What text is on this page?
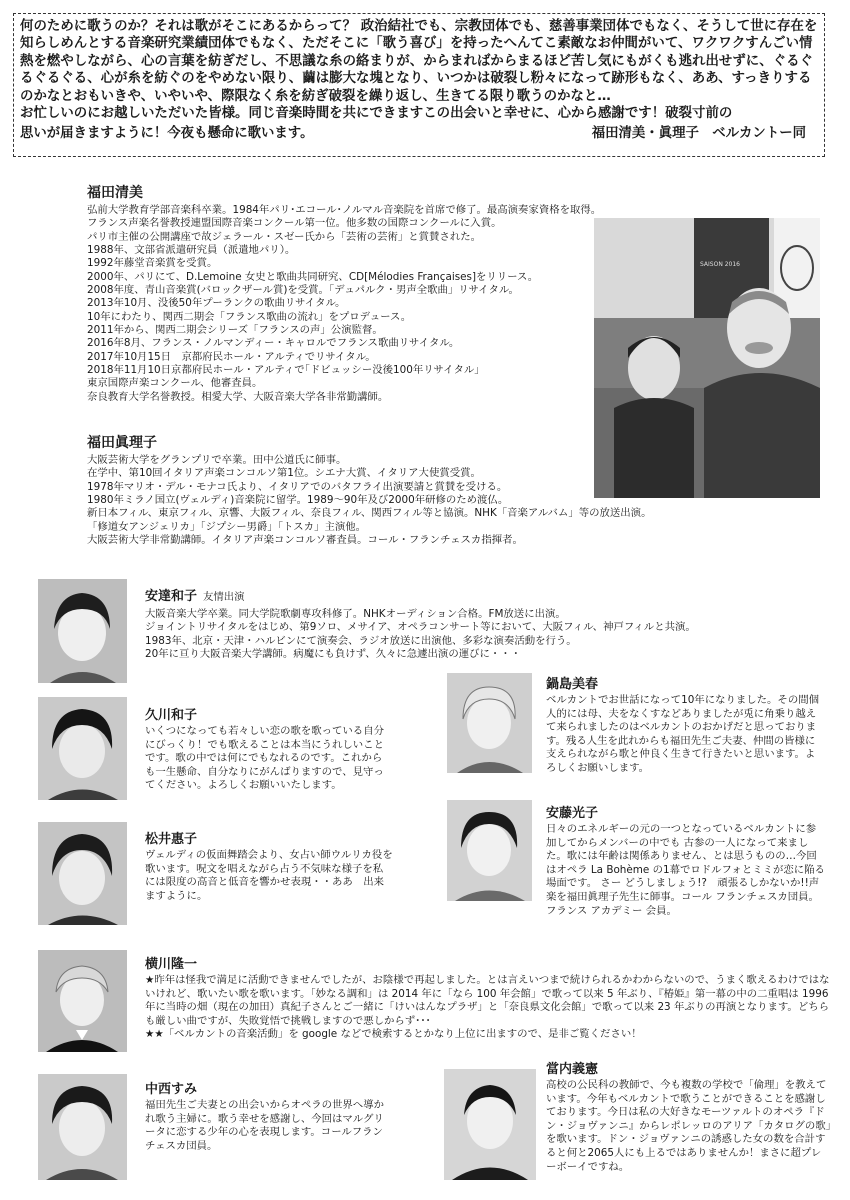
何のために歌うのか？それは歌がそこにあるからって？ 政治結社でも、宗教団体でも、慈善事業団体でもなく、そうして世に存在を知らしめんとする音楽研究業績団体でもなく、ただそこに「歌う喜び」を持ったへんてこ素敵なお仲間がいて、ワクワクすんごい情熱を燃やしながら、心の言葉を紡ぎだし、不思議な糸の絡まりが、からまればからまるほど苦し気にもがくも逃れ出せずに、ぐるぐるぐるぐる、心が糸を紡ぐのをやめない限り、繭は膨大な塊となり、いつかは破裂し粉々になって跡形もなく、ああ、すっきりするのかなとおもいきや、いやいや、際限なく糸を紡ぎ破裂を繰り返し、生きてる限り歌うのかなと…

お忙しいのにお越しいただいた皆様。同じ音楽時間を共にできますこの出会いと幸せに、心から感謝です！破裂寸前の

思いが届きますように！今夜も懸命に歌います。	福田清美・眞理子　ベルカントー同
福田清美

弘前大学教育学部音楽科卒業。1984年パリ･エコール･ノルマル音楽院を首席で修了。最高演奏家資格を取得。

フランス声楽名誉教授連盟国際音楽コンクール第一位。他多数の国際コンクールに入賞。

パリ市主催の公開講座で故ジェラール・スゼー氏から「芸術の芸術」と賞賛された。

1988年、文部省派遣研究員（派遣地パリ）。

1992年藤堂音楽賞を受賞。

2000年、パリにて、D.Lemoine 女史と歌曲共同研究、CD[Mélodies Françaises]をリリース。

2008年度、青山音楽賞(バロックザール賞)を受賞。「デュパルク・男声全歌曲」リサイタル。

2013年10月、没後50年プーランクの歌曲リサイタル。

10年にわたり、関西二期会「フランス歌曲の流れ」をプロデュース。

2011年から、関西二期会シリーズ「フランスの声」公演監督。

2016年8月、フランス・ノルマンディー・キャロルでフランス歌曲リサイタル。

2017年10月15日　京都府民ホール・アルティでリサイタル。

2018年11月10日京都府民ホール・アルティで｢ドビュッシー没後100年リサイタル｣

東京国際声楽コンクール、他審査員。

奈良教育大学名誉教授。相愛大学、大阪音楽大学各非常勤講師。

福田眞理子

大阪芸術大学をグランプリで卒業。田中公道氏に師事。

在学中、第10回イタリア声楽コンコルソ第1位。シエナ大賞、イタリア大使賞受賞。

1978年マリオ・デル・モナコ氏より、イタリアでのバタフライ出演要請と賞賛を受ける。

1980年ミラノ国立(ヴェルディ)音楽院に留学。1989～90年及び2000年研修のため渡仏。

新日本フィル、東京フィル、京響、大阪フィル、奈良フィル、関西フィル等と協演。NHK「音楽アルバム」等の放送出演。

「修道女アンジェリカ」「ジプシー男爵」「トスカ」主演他。

大阪芸術大学非常勤講師。イタリア声楽コンコルソ審査員。コール・フランチェスカ指揮者。

SAISON 2016
安達和子 友情出演

大阪音楽大学卒業。同大学院歌劇専攻科修了。NHKオーディション合格。FM放送に出演。

ジョイントリサイタルをはじめ、第9ソロ、メサイア、オペラコンサート等において、大阪フィル、神戸フィルと共演。

1983年、北京・天津・ハルビンにて演奏会、ラジオ放送に出演他、多彩な演奏活動を行う。

20年に亘り大阪音楽大学講師。病魔にも負けず、久々に急遽出演の運びに・・・

鍋島美春

ベルカントでお世話になって10年になりました。その間個人的には母、夫をなくすなどありましたが兎に角乗り越えて来られましたのはベルカントのおかげだと思っております。残る人生を此れからも福田先生ご夫妻、仲間の皆様に支えられながら歌と仲良く生きて行きたいと思います。よろしくお願いします。

久川和子

いくつになっても若々しい恋の歌を歌っている自分にびっくり！でも歌えることは本当にうれしいことです。歌の中では何にでもなれるのです。これからも一生懸命、自分なりにがんばりますので、見守ってください。よろしくお願いいたします。

安藤光子

日々のエネルギーの元の一つとなっているベルカントに参加してからメンバーの中でも 古参の一人になって来ました。歌には年齢は関係ありません、とは思うものの…今回はオペラ La Bohème の1幕でロドルフォとミミが恋に陥る場面です。 さー どうしましょう!?　頑張るしかないか!!声楽を福田眞理子先生に師事。コール フランチェスカ団員。フランス アカデミー 会員。

松井惠子

ヴェルディの仮面舞踏会より、女占い師ウルリカ役を歌います。呪文を唱えながら占う不気味な様子を私には限度の高音と低音を響かせ表現・・ああ　出来ますように。

横川隆一

★昨年は怪我で満足に活動できませんでしたが、お陰様で再起しました。とは言えいつまで続けられるかわからないので、うまく歌えるわけではないけれど、歌いたい歌を歌います。「妙なる調和」は 2014 年に「なら 100 年会館」で歌って以来 5 年ぶり、『椿姫』第一幕の中の二重唱は 1996 年に当時の畑（現在の加田）真紀子さんとご一緒に「けいはんなプラザ」と「奈良県文化会館」で歌って以来 23 年ぶりの再演となります。どちらも厳しい曲ですが、失敗覚悟で挑戦しますので悪しからず･･･

★★「ベルカントの音楽活動」を google などで検索するとかなり上位に出ますので、是非ご覧ください！

當内義憲

高校の公民科の教師で、今も複数の学校で「倫理」を教えています。今年もベルカントで歌うことができることを感謝しております。今日は私の大好きなモーツァルトのオペラ『ドン・ジョヴァンニ』からレポレッロのアリア「カタログの歌」を歌います。ドン・ジョヴァンニの誘惑した女の数を合計すると何と2065人にも上るではありませんか！まさに超プレーボーイですね。

中西すみ

福田先生ご夫妻との出会いからオペラの世界へ導かれ歌う主婦に。歌う幸せを感謝し、今回はマルグリータに恋する少年の心を表現します。コールフランチェスカ団員。
